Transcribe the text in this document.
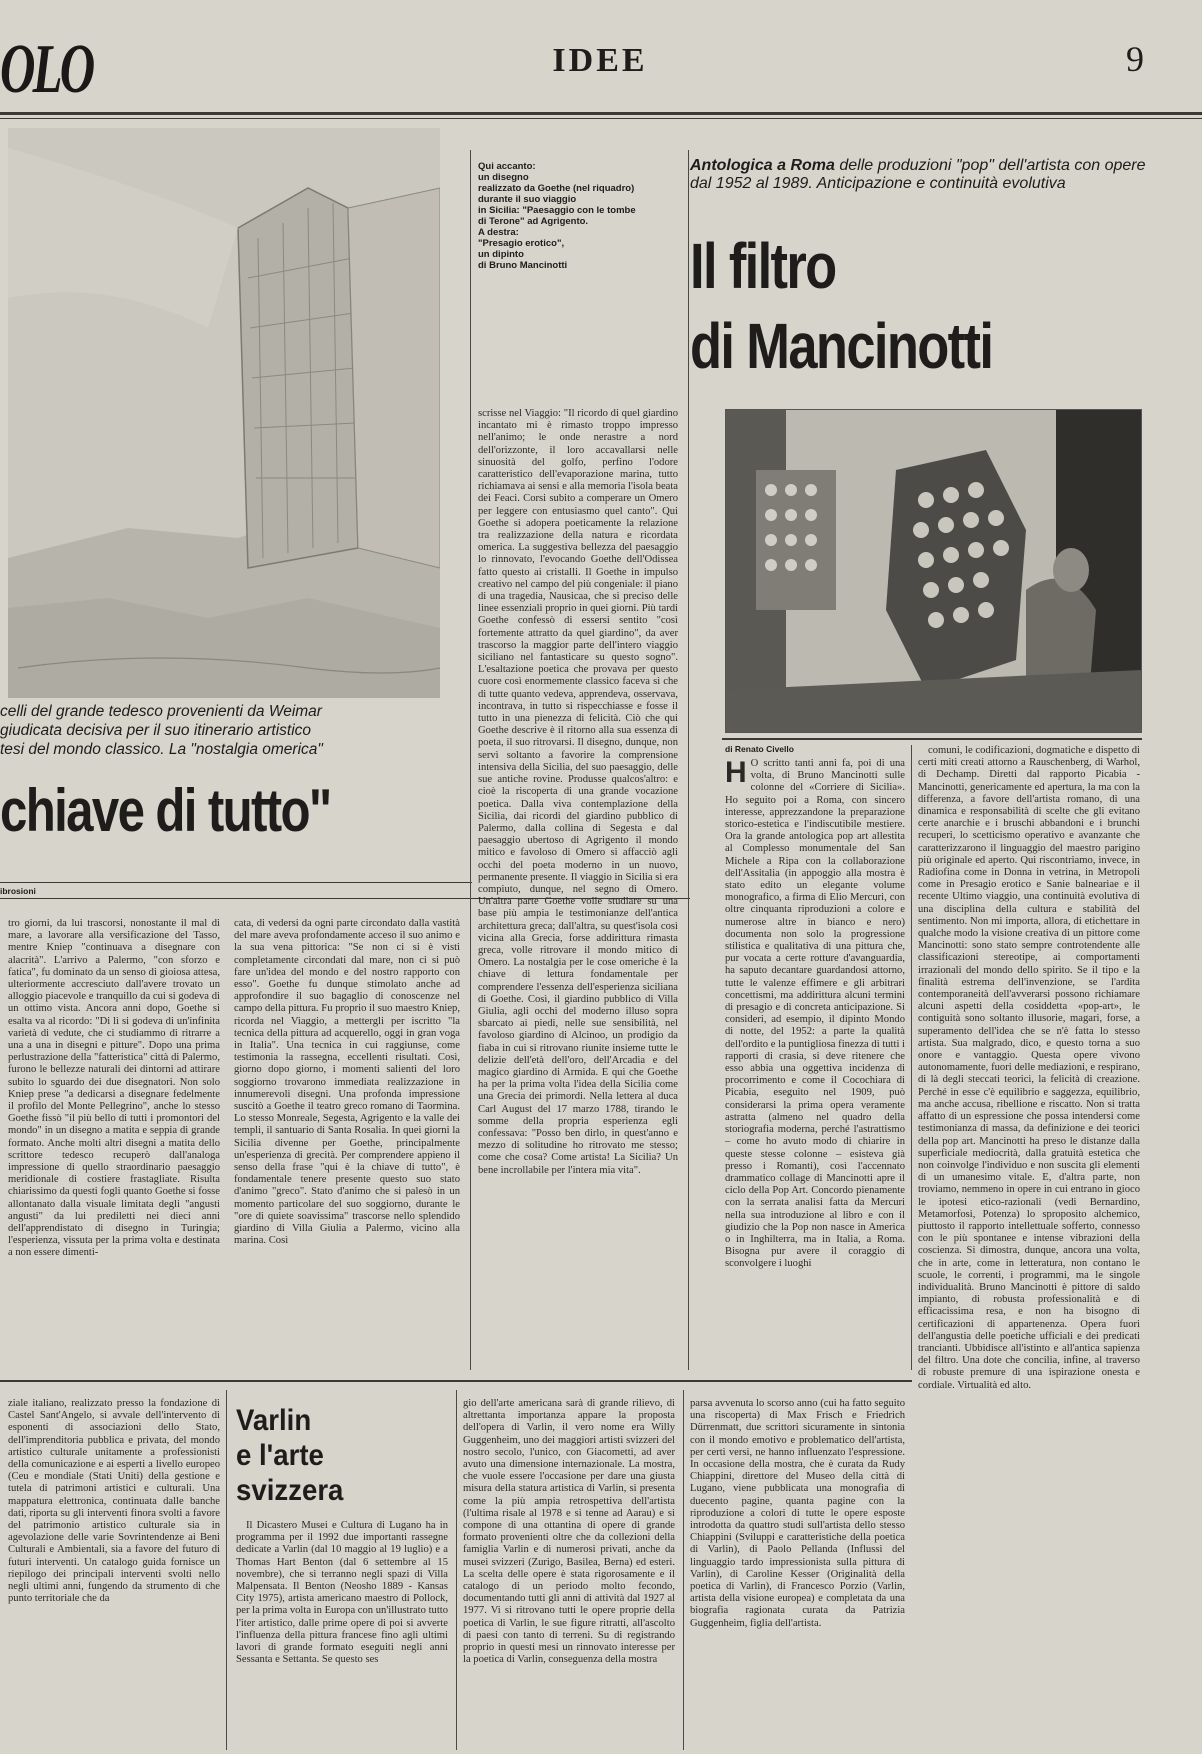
OLO	IDEE	9
Qui accanto:
un disegno
realizzato da Goethe (nel riquadro)
durante il suo viaggio
in Sicilia: "Paesaggio con le tombe
di Terone" ad Agrigento.
A destra:
"Presagio erotico",
un dipinto
di Bruno Mancinotti
Antologica a Roma delle produzioni "pop" dell'artista con opere dal 1952 al 1989. Anticipazione e continuità evolutiva
Il filtro
di Mancinotti
di Renato Civello
H O scritto tanti anni fa, poi di una volta, di Bruno Mancinotti sulle colonne del «Corriere di Sicilia». Ho seguito poi a Roma, con sincero interesse, apprezzandone la preparazione storico-estetica e l'indiscutibile mestiere. Ora la grande antologica pop art allestita al Complesso monumentale del San Michele a Ripa con la collaborazione dell'Assitalia (in appoggio alla mostra è stato edito un elegante volume monografico, a firma di Elio Mercuri, con oltre cinquanta riproduzioni a colore e numerose altre in bianco e nero) documenta non solo la progressione stilistica e qualitativa di una pittura che, pur vocata a certe rotture d'avanguardia, ha saputo decantare guardandosi attorno, tutte le valenze effimere e gli arbitrari concettismi, ma addirittura alcuni termini di presagio e di concreta anticipazione. Si consideri, ad esempio, il dipinto Mondo di notte, del 1952: a parte la qualità dell'ordito e la puntigliosa finezza di tutti i rapporti di crasia, si deve ritenere che esso abbia una oggettiva incidenza di procorrimento e come il Cocochiara di Picabia, eseguito nel 1909, può considerarsi la prima opera veramente astratta (almeno nel quadro della storiografia moderna, perché l'astrattismo – come ho avuto modo di chiarire in queste stesse colonne – esisteva già presso i Romanti), così l'accennato drammatico collage di Mancinotti apre il ciclo della Pop Art. Concordo pienamente con la serrata analisi fatta da Mercuri nella sua introduzione al libro e con il giudizio che la Pop non nasce in America o in Inghilterra, ma in Italia, a Roma. Bisogna pur avere il coraggio di sconvolgere i luoghi

comuni, le codificazioni, dogmatiche e dispetto di certi miti creati attorno a Rauschenberg, di Warhol, di Dechamp. Diretti dal rapporto Picabia - Mancinotti, genericamente ed apertura, la ma con la differenza, a favore dell'artista romano, di una dinamica e responsabilità di scelte che gli evitano certe anarchie e i bruschi abbandoni e i brunchi recuperi, lo scetticismo operativo e avanzante che caratterizzarono il linguaggio del maestro parigino più originale ed aperto. Qui riscontriamo, invece, in Radiofina come in Donna in vetrina, in Metropoli come in Presagio erotico e Sanie balneariae e il recente Ultimo viaggio, una continuità evolutiva di una disciplina della cultura e stabilità del sentimento. Non mi importa, allora, di etichettare in qualche modo la visione creativa di un pittore come Mancinotti: sono stato sempre controtendente alle classificazioni stereotipe, ai comportamenti irrazionali del mondo dello spirito. Se il tipo e la finalità estrema dell'invenzione, se l'ardita contemporaneità dell'avverarsi possono richiamare alcuni aspetti della cosiddetta «pop-art», le contiguità sono soltanto illusorie, magari, forse, a superamento dell'idea che se n'è fatta lo stesso artista. Sua malgrado, dico, e questo torna a suo onore e vantaggio. Questa opere vivono autonomamente, fuori delle mediazioni, e respirano, di là degli steccati teorici, la felicità di creazione. Perché in esse c'è equilibrio e saggezza, equilibrio, ma anche accusa, ribellione e riscatto. Non si tratta affatto di un espressione che possa intendersi come testimonianza di massa, da definizione e dei teorici della pop art. Mancinotti ha preso le distanze dalla superficiale mediocrità, dalla gratuità estetica che non coinvolge l'individuo e non suscita gli elementi di un umanesimo vitale. E, d'altra parte, non troviamo, nemmeno in opere in cui entrano in gioco le ipotesi etico-razionali (vedi Bernardino, Metamorfosi, Potenza) lo sproposito alchemico, piuttosto il rapporto intellettuale sofferto, connesso con le più spontanee e intense vibrazioni della coscienza. Si dimostra, dunque, ancora una volta, che in arte, come in letteratura, non contano le scuole, le correnti, i programmi, ma le singole individualità. Bruno Mancinotti è pittore di saldo impianto, di robusta professionalità e di efficacissima resa, e non ha bisogno di certificazioni di appartenenza. Opera fuori dell'angustia delle poetiche ufficiali e dei predicati trancianti. Ubbidisce all'istinto e all'antica sapienza del filtro. Una dote che concilia, infine, al traverso di robuste premure di una ispirazione onesta e cordiale. Virtualità ed alto.

celli del grande tedesco provenienti da Weimar
giudicata decisiva per il suo itinerario artistico
tesi del mondo classico. La "nostalgia omerica"
chiave di tutto"
ibrosioni

tro giorni, da lui trascorsi, nonostante il mal di mare, a lavorare alla versificazione del Tasso, mentre Kniep "continuava a disegnare con alacrità". L'arrivo a Palermo, "con sforzo e fatica", fu dominato da un senso di gioiosa attesa, ulteriormente accresciuto dall'avere trovato un alloggio piacevole e tranquillo da cui si godeva di un ottimo vista. Ancora anni dopo, Goethe si esalta va al ricordo: "Di lì si godeva di un'infinita varietà di vedute, che ci studiammo di ritrarre a una a una in disegni e pitture". Dopo una prima perlustrazione della "fatteristica" città di Palermo, furono le bellezze naturali dei dintorni ad attirare subito lo sguardo dei due disegnatori. Non solo Kniep prese "a dedicarsi a disegnare fedelmente il profilo del Monte Pellegrino", anche lo stesso Goethe fissò "il più bello di tutti i promontori del mondo" in un disegno a matita e seppia di grande formato. Anche molti altri disegni a matita dello scrittore tedesco recuperò dall'analoga impressione di quello straordinario paesaggio meridionale di costiere frastagliate. Risulta chiarissimo da questi fogli quanto Goethe si fosse allontanato dalla visuale limitata degli "angusti angusti" da lui prediletti nei dieci anni dell'apprendistato di disegno in Turingia; l'esperienza, vissuta per la prima volta e destinata a non essere dimenti-

cata, di vedersi da ogni parte circondato dalla vastità del mare aveva profondamente acceso il suo animo e la sua vena pittorica: "Se non ci si è visti completamente circondati dal mare, non ci si può fare un'idea del mondo e del nostro rapporto con esso". Goethe fu dunque stimolato anche ad approfondire il suo bagaglio di conoscenze nel campo della pittura. Fu proprio il suo maestro Kniep, ricorda nel Viaggio, a mettergli per iscritto "la tecnica della pittura ad acquerello, oggi in gran voga in Italia". Una tecnica in cui raggiunse, come testimonia la rassegna, eccellenti risultati. Così, giorno dopo giorno, i momenti salienti del loro soggiorno trovarono immediata realizzazione in innumerevoli disegni. Una profonda impressione suscitò a Goethe il teatro greco romano di Taormina. Lo stesso Monreale, Segesta, Agrigento e la valle dei templi, il santuario di Santa Rosalia. In quei giorni la Sicilia divenne per Goethe, principalmente un'esperienza di grecità. Per comprendere appieno il senso della frase "qui è la chiave di tutto", è fondamentale tenere presente questo suo stato d'animo "greco". Stato d'animo che si palesò in un momento particolare del suo soggiorno, durante le "ore di quiete soavissima" trascorse nello splendido giardino di Villa Giulia a Palermo, vicino alla marina. Così

scrisse nel Viaggio: "Il ricordo di quel giardino incantato mi è rimasto troppo impresso nell'animo; le onde nerastre a nord dell'orizzonte, il loro accavallarsi nelle sinuosità del golfo, perfino l'odore caratteristico dell'evaporazione marina, tutto richiamava ai sensi e alla memoria l'isola beata dei Feaci. Corsi subito a comperare un Omero per leggere con entusiasmo quel canto". Qui Goethe si adopera poeticamente la relazione tra realizzazione della natura e ricordata omerica. La suggestiva bellezza del paesaggio lo rinnovato, l'evocando Goethe dell'Odissea fatto questo ai cristalli. Il Goethe in impulso creativo nel campo del più congeniale: il piano di una tragedia, Nausicaa, che si preciso delle linee essenziali proprio in quei giorni. Più tardi Goethe confessò di essersi sentito "così fortemente attratto da quel giardino", da aver trascorso la maggior parte dell'intero viaggio siciliano nel fantasticare su questo sogno". L'esaltazione poetica che provava per questo cuore così enormemente classico faceva sì che di tutte quanto vedeva, apprendeva, osservava, incontrava, in tutto si rispecchiasse e fosse il tutto in una pienezza di felicità. Ciò che qui Goethe descrive è il ritorno alla sua essenza di poeta, il suo ritrovarsi. Il disegno, dunque, non servì soltanto a favorire la comprensione intensiva della Sicilia, del suo paesaggio, delle sue antiche rovine. Produsse qualcos'altro: e cioè la riscoperta di una grande vocazione poetica. Dalla viva contemplazione della Sicilia, dai ricordi del giardino pubblico di Palermo, dalla collina di Segesta e dal paesaggio ubertoso di Agrigento il mondo mitico e favoloso di Omero si affacciò agli occhi del poeta moderno in un nuovo, permanente presente. Il viaggio in Sicilia si era compiuto, dunque, nel segno di Omero. Un'altra parte Goethe volle studiare su una base più ampia le testimonianze dell'antica architettura greca; dall'altra, su quest'isola così vicina alla Grecia, forse addirittura rimasta greca, volle ritrovare il mondo mitico di Omero. La nostalgia per le cose omeriche è la chiave di lettura fondamentale per comprendere l'essenza dell'esperienza siciliana di Goethe. Così, il giardino pubblico di Villa Giulia, agli occhi del moderno illuso sopra sbarcato ai piedi, nelle sue sensibilità, nel favoloso giardino di Alcinoo, un prodigio da fiaba in cui si ritrovano riunite insieme tutte le delizie dell'età dell'oro, dell'Arcadia e del magico giardino di Armida. E qui che Goethe ha per la prima volta l'idea della Sicilia come una Grecia dei primordi. Nella lettera al duca Carl August del 17 marzo 1788, tirando le somme della propria esperienza egli confessava: "Posso ben dirlo, in quest'anno e mezzo di solitudine ho ritrovato me stesso; come che cosa? Come artista! La Sicilia? Un bene incrollabile per l'intera mia vita".

ziale italiano, realizzato presso la fondazione di Castel Sant'Angelo, si avvale dell'intervento di esponenti di associazioni dello Stato, dell'imprenditoria pubblica e privata, del mondo artistico culturale unitamente a professionisti della comunicazione e ai esperti a livello europeo (Ceu e mondiale (Stati Uniti) della gestione e tutela di patrimoni artistici e culturali. Una mappatura elettronica, continuata dalle banche dati, riporta su gli interventi finora svolti a favore del patrimonio artistico culturale sia in agevolazione delle varie Sovrintendenze ai Beni Culturali e Ambientali, sia a favore del futuro di futuri interventi. Un catalogo guida fornisce un riepilogo dei principali interventi svolti nello negli ultimi anni, fungendo da strumento di che punto territoriale che da

Varlin
e l'arte
svizzera

Il Dicastero Musei e Cultura di Lugano ha in programma per il 1992 due importanti rassegne dedicate a Varlin (dal 10 maggio al 19 luglio) e a Thomas Hart Benton (dal 6 settembre al 15 novembre), che si terranno negli spazi di Villa Malpensata. Il Benton (Neosho 1889 - Kansas City 1975), artista americano maestro di Pollock, per la prima volta in Europa con un'illustrato tutto l'iter artistico, dalle prime opere di poi si avverte l'influenza della pittura francese fino agli ultimi lavori di grande formato eseguiti negli anni Sessanta e Settanta. Se questo ses

gio dell'arte americana sarà di grande rilievo, di altrettanta importanza appare la proposta dell'opera di Varlin, il vero nome era Willy Guggenheim, uno dei maggiori artisti svizzeri del nostro secolo, l'unico, con Giacometti, ad aver avuto una dimensione internazionale. La mostra, che vuole essere l'occasione per dare una giusta misura della statura artistica di Varlin, si presenta come la più ampia retrospettiva dell'artista (l'ultima risale al 1978 e si tenne ad Aarau) e si compone di una ottantina di opere di grande formato provenienti oltre che da collezioni della famiglia Varlin e di numerosi privati, anche da musei svizzeri (Zurigo, Basilea, Berna) ed esteri. La scelta delle opere è stata rigorosamente e il catalogo di un periodo molto fecondo, documentando tutti gli anni di attività dal 1927 al 1977. Vi si ritrovano tutti le opere proprie della poetica di Varlin, le sue figure ritratti, all'ascolto di paesi con tanto di terreni. Su di registrando proprio in questi mesi un rinnovato interesse per la poetica di Varlin, conseguenza della mostra

parsa avvenuta lo scorso anno (cui ha fatto seguito una riscoperta) di Max Frisch e Friedrich Dürrenmatt, due scrittori sicuramente in sintonia con il mondo emotivo e problematico dell'artista, per certi versi, ne hanno influenzato l'espressione. In occasione della mostra, che è curata da Rudy Chiappini, direttore del Museo della città di Lugano, viene pubblicata una monografia di duecento pagine, quanta pagine con la riproduzione a colori di tutte le opere esposte introdotta da quattro studi sull'artista dello stesso Chiappini (Sviluppi e caratteristiche della poetica di Varlin), di Paolo Pellanda (Influssi del linguaggio tardo impressionista sulla pittura di Varlin), di Caroline Kesser (Originalità della poetica di Varlin), di Francesco Porzio (Varlin, artista della visione europea) e completata da una biografia ragionata curata da Patrizia Guggenheim, figlia dell'artista.
